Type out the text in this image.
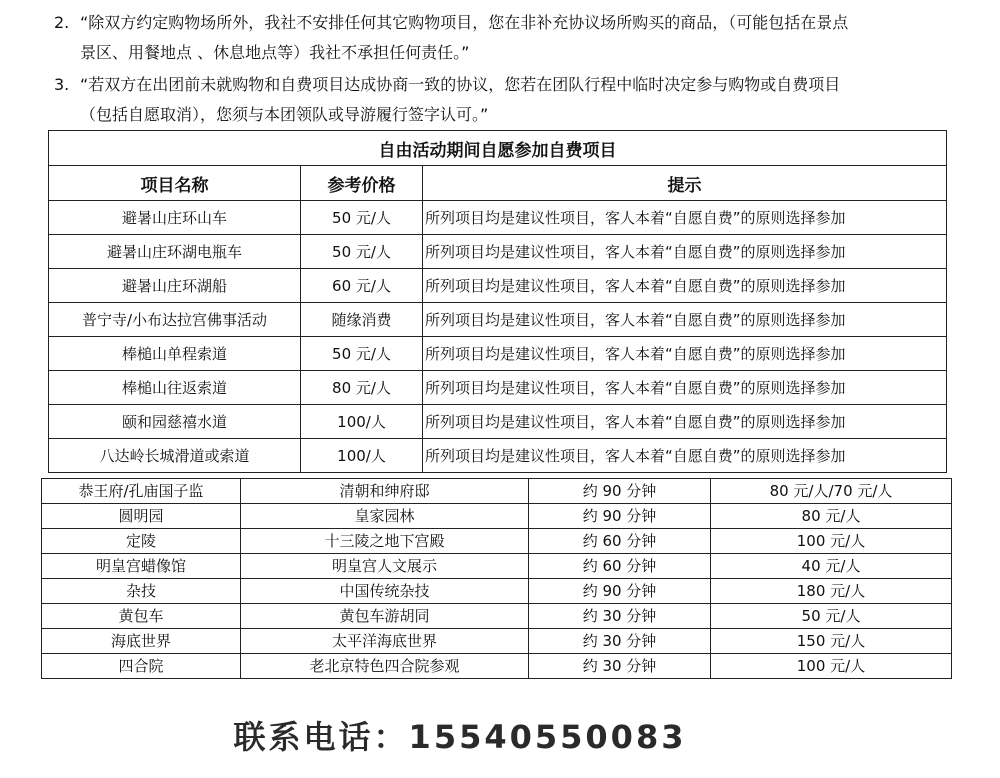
2. “除双方约定购物场所外，我社不安排任何其它购物项目，您在非补充协议场所购买的商品，（可能包括在景点
景区、用餐地点 、休息地点等）我社不承担任何责任。”
3. “若双方在出团前未就购物和自费项目达成协商一致的协议，您若在团队行程中临时决定参与购物或自费项目
（包括自愿取消），您须与本团领队或导游履行签字认可。”
自由活动期间自愿参加自费项目		
项目名称	参考价格	提示
避暑山庄环山车	50 元/人	所列项目均是建议性项目，客人本着“自愿自费”的原则选择参加
避暑山庄环湖电瓶车	50 元/人	所列项目均是建议性项目，客人本着“自愿自费”的原则选择参加
避暑山庄环湖船	60 元/人	所列项目均是建议性项目，客人本着“自愿自费”的原则选择参加
普宁寺/小布达拉宫佛事活动	随缘消费	所列项目均是建议性项目，客人本着“自愿自费”的原则选择参加
棒槌山单程索道	50 元/人	所列项目均是建议性项目，客人本着“自愿自费”的原则选择参加
棒槌山往返索道	80 元/人	所列项目均是建议性项目，客人本着“自愿自费”的原则选择参加
颐和园慈禧水道	100/人	所列项目均是建议性项目，客人本着“自愿自费”的原则选择参加
八达岭长城滑道或索道	100/人	所列项目均是建议性项目，客人本着“自愿自费”的原则选择参加
恭王府/孔庙国子监	清朝和绅府邸	约 90 分钟	80 元/人/70 元/人
圆明园	皇家园林	约 90 分钟	80 元/人
定陵	十三陵之地下宫殿	约 60 分钟	100 元/人
明皇宫蜡像馆	明皇宫人文展示	约 60 分钟	40 元/人
杂技	中国传统杂技	约 90 分钟	180 元/人
黄包车	黄包车游胡同	约 30 分钟	50 元/人
海底世界	太平洋海底世界	约 30 分钟	150 元/人
四合院	老北京特色四合院参观	约 30 分钟	100 元/人
联系电话：15540550083
